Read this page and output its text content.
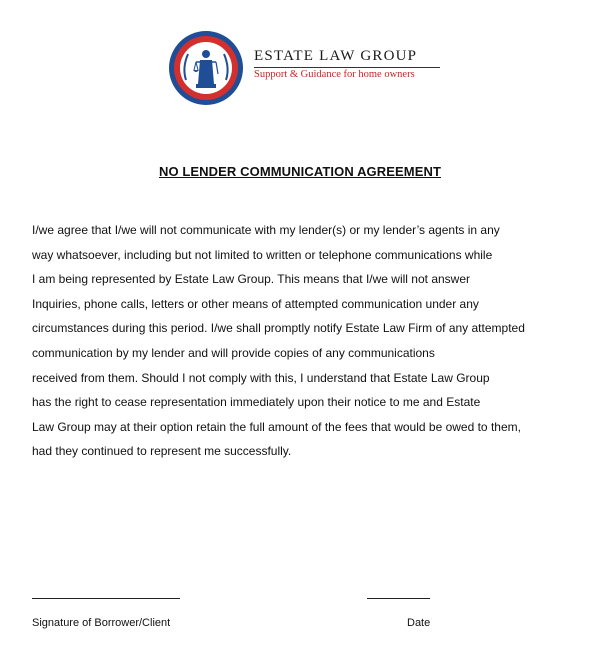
ESTATE LAW GROUP
Support & Guidance for home owners
NO LENDER COMMUNICATION AGREEMENT
I/we agree that I/we will not communicate with my lender(s) or my lender’s agents in any
way whatsoever, including but not limited to written or telephone communications while
I am being represented by Estate Law Group. This means that I/we will not answer
Inquiries, phone calls, letters or other means of attempted communication under any
circumstances during this period. I/we shall promptly notify Estate Law Firm of any attempted
communication by my lender and will provide copies of any communications
received from them. Should I not comply with this, I understand that Estate Law Group
has the right to cease representation immediately upon their notice to me and Estate
Law Group may at their option retain the full amount of the fees that would be owed to them,
had they continued to represent me successfully.
Signature of Borrower/Client	Date
